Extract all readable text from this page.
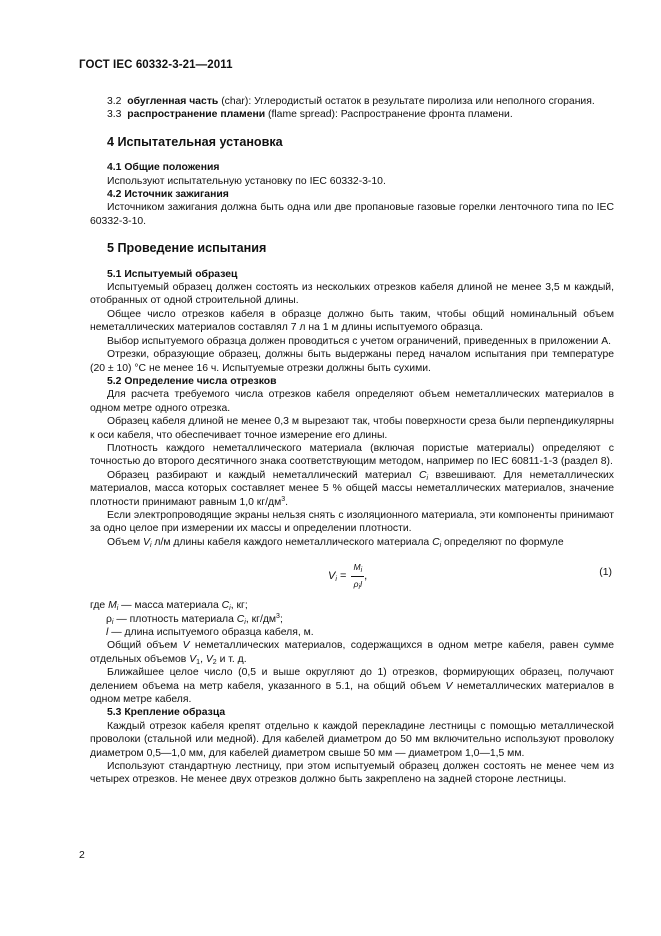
ГОСТ IEC 60332-3-21—2011

3.2 обугленная часть (char): Углеродистый остаток в результате пиролиза или неполного сгорания.

3.3 распространение пламени (flame spread): Распространение фронта пламени.

4 Испытательная установка

4.1 Общие положения

Используют испытательную установку по IEC 60332-3-10.

4.2 Источник зажигания

Источником зажигания должна быть одна или две пропановые газовые горелки ленточного типа по IEC 60332-3-10.

5 Проведение испытания

5.1 Испытуемый образец

Испытуемый образец должен состоять из нескольких отрезков кабеля длиной не менее 3,5 м каждый, отобранных от одной строительной длины.

Общее число отрезков кабеля в образце должно быть таким, чтобы общий номинальный объем неметаллических материалов составлял 7 л на 1 м длины испытуемого образца.

Выбор испытуемого образца должен проводиться с учетом ограничений, приведенных в приложении А.

Отрезки, образующие образец, должны быть выдержаны перед началом испытания при температуре (20 ± 10) °С не менее 16 ч. Испытуемые отрезки должны быть сухими.

5.2 Определение числа отрезков

Для расчета требуемого числа отрезков кабеля определяют объем неметаллических материалов в одном метре одного отрезка.

Образец кабеля длиной не менее 0,3 м вырезают так, чтобы поверхности среза были перпендикулярны к оси кабеля, что обеспечивает точное измерение его длины.

Плотность каждого неметаллического материала (включая пористые материалы) определяют с точностью до второго десятичного знака соответствующим методом, например по IEC 60811-1-3 (раздел 8).

Образец разбирают и каждый неметаллический материал $C_i$ взвешивают. Для неметаллических материалов, масса которых составляет менее 5 % общей массы неметаллических материалов, значение плотности принимают равным 1,0 $кг/дм^3$.

Если электропроводящие экраны нельзя снять с изоляционного материала, эти компоненты принимают за одно целое при измерении их массы и определении плотности.

Объем $V_i$ л/м длины кабеля каждого неметаллического материала $C_i$ определяют по формуле

$V_i = \frac{M_i}{\rho_il}$ ,	(1)

где $M_i$ — масса материала $C_i$, кг;

$\rho_i$ — плотность материала $C_i$, $кг/дм^3$;

l — длина испытуемого образца кабеля, м.

Общий объем V неметаллических материалов, содержащихся в одном метре кабеля, равен сумме отдельных объемов $V_1$, $V_2$ и т. д.

Ближайшее целое число (0,5 и выше округляют до 1) отрезков, формирующих образец, получают делением объема на метр кабеля, указанного в 5.1, на общий объем V неметаллических материалов в одном метре кабеля.

5.3 Крепление образца

Каждый отрезок кабеля крепят отдельно к каждой перекладине лестницы с помощью металлической проволоки (стальной или медной). Для кабелей диаметром до 50 мм включительно используют проволоку диаметром 0,5—1,0 мм, для кабелей диаметром свыше 50 мм — диаметром 1,0—1,5 мм.

Используют стандартную лестницу, при этом испытуемый образец должен состоять не менее чем из четырех отрезков. Не менее двух отрезков должно быть закреплено на задней стороне лестницы.

2
